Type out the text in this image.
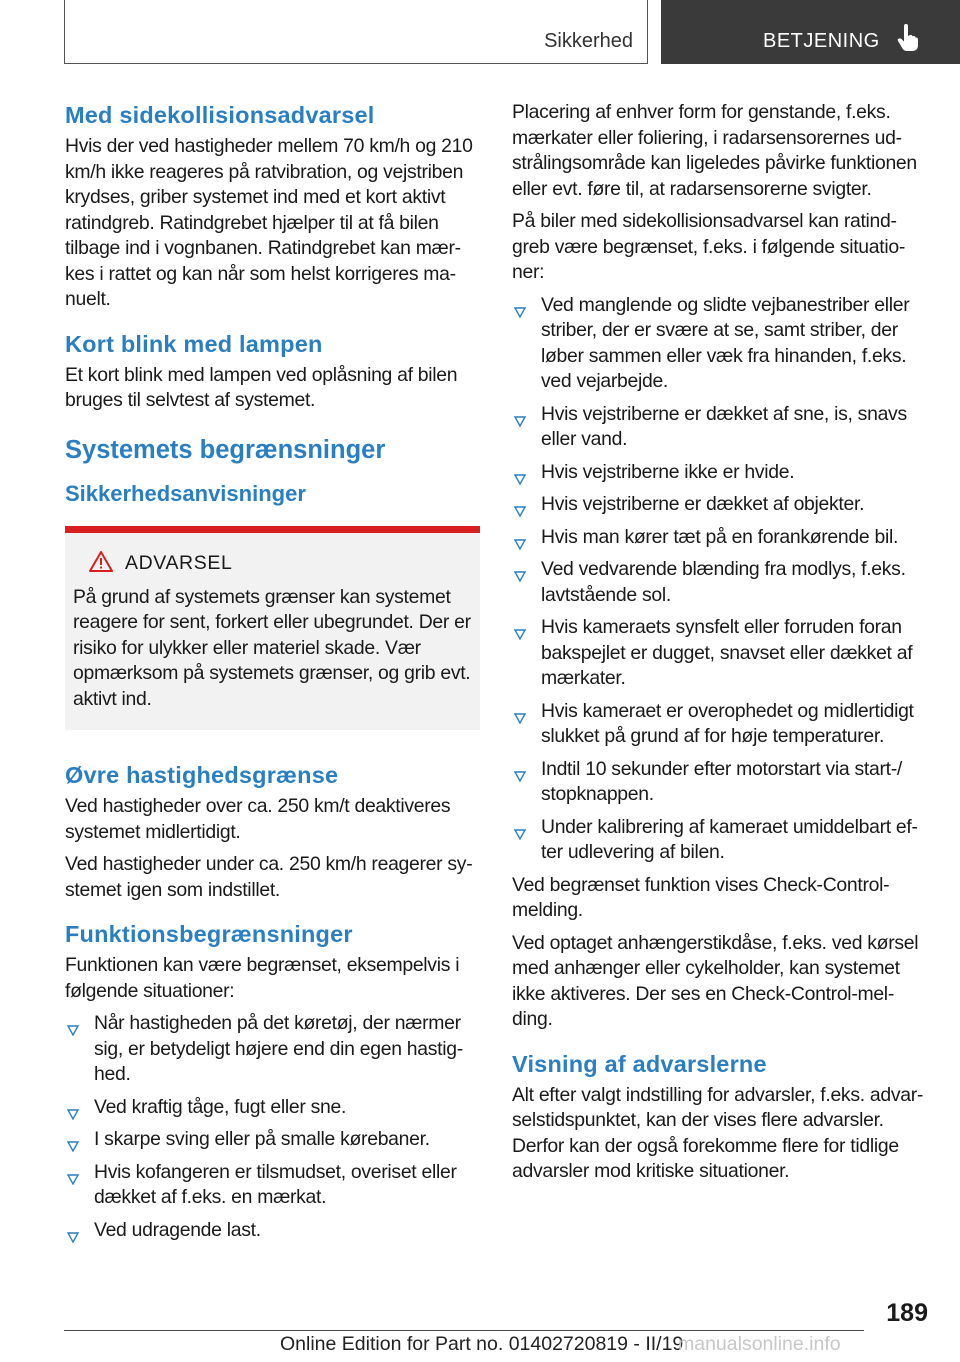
Sikkerhed	BETJENING
Med sidekollisionsadvarsel

Hvis der ved hastigheder mellem 70 km/h og 210 km/h ikke reageres på ratvibration, og vejstriben krydses, griber systemet ind med et kort aktivt ratindgreb. Ratindgrebet hjælper til at få bilen tilbage ind i vognbanen. Ratindgrebet kan mærkes i rattet og kan når som helst korrigeres manuelt.

Kort blink med lampen

Et kort blink med lampen ved oplåsning af bilen bruges til selvtest af systemet.

Systemets begrænsninger
Sikkerhedsanvisninger
ADVARSEL

På grund af systemets grænser kan systemet reagere for sent, forkert eller ubegrundet. Der er risiko for ulykker eller materiel skade. Vær opmærksom på systemets grænser, og grib evt. aktivt ind.

Øvre hastighedsgrænse

Ved hastigheder over ca. 250 km/t deaktiveres systemet midlertidigt.

Ved hastigheder under ca. 250 km/h reagerer systemet igen som indstillet.

Funktionsbegrænsninger

Funktionen kan være begrænset, eksempelvis i følgende situationer:

Når hastigheden på det køretøj, der nærmer sig, er betydeligt højere end din egen hastighed.
Ved kraftig tåge, fugt eller sne.
I skarpe sving eller på smalle kørebaner.
Hvis kofangeren er tilsmudset, overiset eller dækket af f.eks. en mærkat.
Ved udragende last.

Placering af enhver form for genstande, f.eks. mærkater eller foliering, i radarsensorernes udstrålingsområde kan ligeledes påvirke funktionen eller evt. føre til, at radarsensorerne svigter.

På biler med sidekollisionsadvarsel kan ratindgreb være begrænset, f.eks. i følgende situationer:

Ved manglende og slidte vejbanestriber eller striber, der er svære at se, samt striber, der løber sammen eller væk fra hinanden, f.eks. ved vejarbejde.
Hvis vejstriberne er dækket af sne, is, snavs eller vand.
Hvis vejstriberne ikke er hvide.
Hvis vejstriberne er dækket af objekter.
Hvis man kører tæt på en forankørende bil.
Ved vedvarende blænding fra modlys, f.eks. lavtstående sol.
Hvis kameraets synsfelt eller forruden foran bakspejlet er dugget, snavset eller dækket af mærkater.
Hvis kameraet er overophedet og midlertidigt slukket på grund af for høje temperaturer.
Indtil 10 sekunder efter motorstart via start-/ stopknappen.
Under kalibrering af kameraet umiddelbart efter udlevering af bilen.

Ved begrænset funktion vises Check-Control-melding.

Ved optaget anhængerstikdåse, f.eks. ved kørsel med anhænger eller cykelholder, kan systemet ikke aktiveres. Der ses en Check-Control-melding.

Visning af advarslerne

Alt efter valgt indstilling for advarsler, f.eks. advarselstidspunktet, kan der vises flere advarsler. Derfor kan der også forekomme flere for tidlige advarsler mod kritiske situationer.

189
Online Edition for Part no. 01402720819 - II/19
manualsonline.info
